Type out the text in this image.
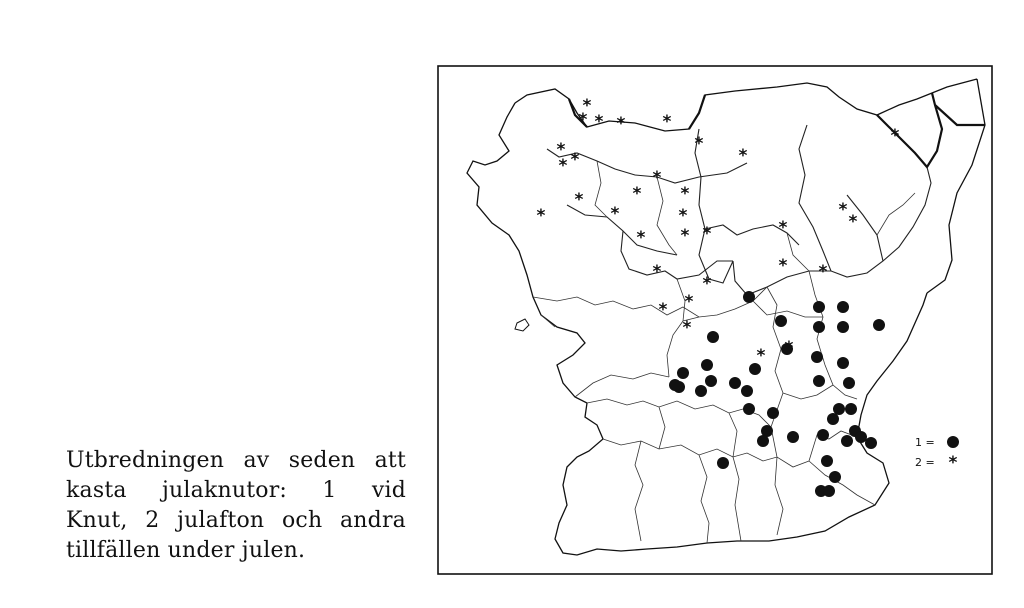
Utbredningen av seden att
kasta julaknutor: 1 vid
Knut, 2 julafton och andra
tillfällen under julen.
*
* * * *
* *
*
*
*
*
*
*
*
*
*	*
*
*
*	*
*
*
*
*	* *
*
*
*
*
* *
1 =
2 = *
